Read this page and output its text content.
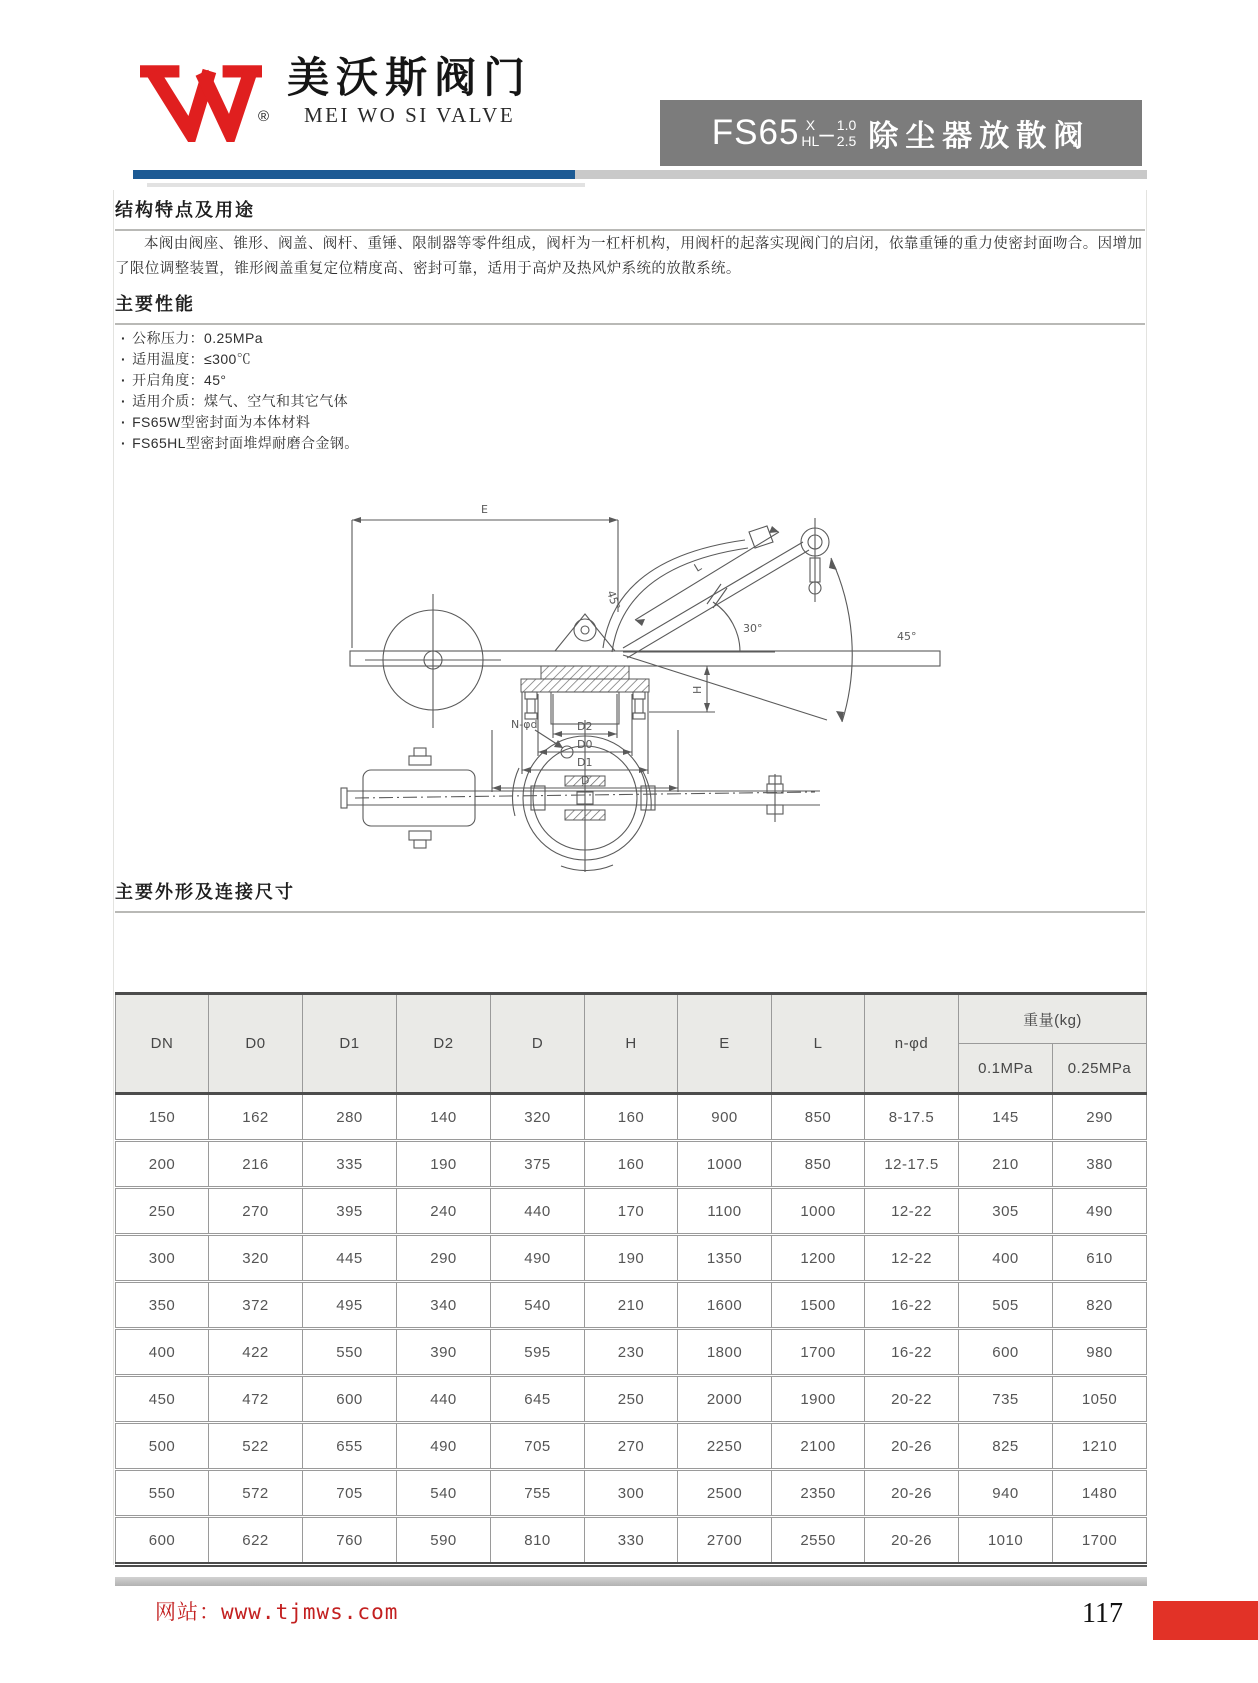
®
美沃斯阀门
MEI WO SI VALVE	FS65 X
HL – 1.0
2.5 除尘器放散阀
结构特点及用途
本阀由阀座、锥形、阀盖、阀杆、重锤、限制器等零件组成，阀杆为一杠杆机构，用阀杆的起落实现阀门的启闭，依靠重锤的重力使密封面吻合。因增加了限位调整装置，锥形阀盖重复定位精度高、密封可靠，适用于高炉及热风炉系统的放散系统。
主要性能
· 公称压力：0.25MPa
· 适用温度：≤300℃
· 开启角度：45°
· 适用介质：煤气、空气和其它气体
· FS65W型密封面为本体材料
· FS65HL型密封面堆焊耐磨合金钢。
E
45°
L
30°
45°
H
D2
D0
D1
N-φd
主要外形及连接尺寸
DN	D0	D1	D2	D	H	E	L	n-φd	重量(kg)	
									0.1MPa	0.25MPa
150	162	280	140	320	160	900	850	8-17.5	145	290
200	216	335	190	375	160	1000	850	12-17.5	210	380
250	270	395	240	440	170	1100	1000	12-22	305	490
300	320	445	290	490	190	1350	1200	12-22	400	610
350	372	495	340	540	210	1600	1500	16-22	505	820
400	422	550	390	595	230	1800	1700	16-22	600	980
450	472	600	440	645	250	2000	1900	20-22	735	1050
500	522	655	490	705	270	2250	2100	20-26	825	1210
550	572	705	540	755	300	2500	2350	20-26	940	1480
600	622	760	590	810	330	2700	2550	20-26	1010	1700
网站：www.tjmws.com	117
